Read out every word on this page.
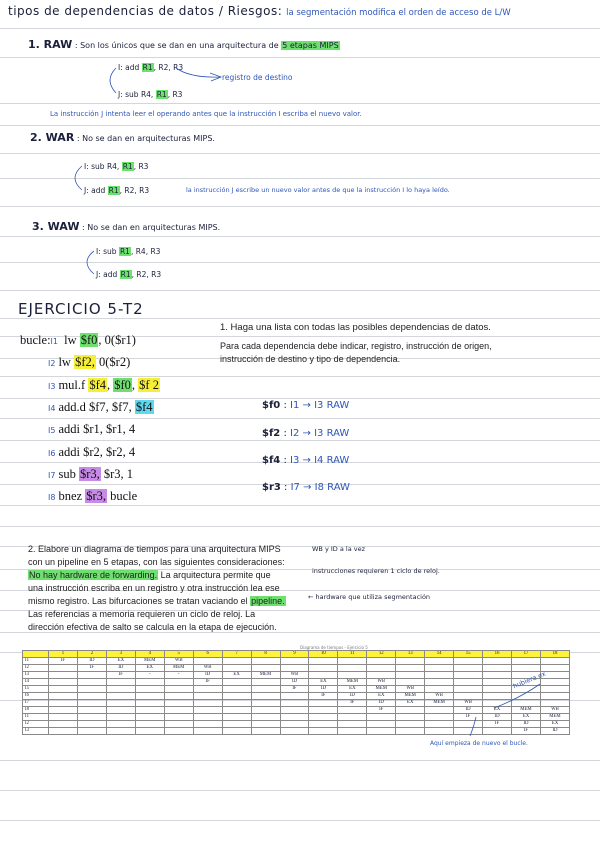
tipos de dependencias de datos / Riesgos: la segmentación modifica el orden de acceso de L/W
1. RAW : Son los únicos que se dan en una arquitectura de 5 etapas MIPS
I: add R1, R2, R3
registro de destino
J: sub R4, R1, R3
La instrucción J intenta leer el operando antes que la instrucción I escriba el nuevo valor.
2. WAR : No se dan en arquitecturas MIPS.
I: sub R4, R1, R3
J: add R1, R2, R3	la instrucción J escribe un nuevo valor antes de que la instrucción I lo haya leído.
3. WAW : No se dan en arquitecturas MIPS.
I: sub R1, R4, R3
J: add R1, R2, R3
EJERCICIO 5-T2
bucle:I1 lw $f0, 0($r1)
I2 lw $f2, 0($r2)
I3 mul.f $f4, $f0, $f 2
I4 add.d $f7, $f7, $f4
I5 addi $r1, $r1, 4
I6 addi $r2, $r2, 4
I7 sub $r3, $r3, 1
I8 bnez $r3, bucle
1. Haga una lista con todas las posibles dependencias de datos.
Para cada dependencia debe indicar, registro, instrucción de origen, instrucción de destino y tipo de dependencia.
$f0 : I1 → I3 RAW
$f2 : I2 → I3 RAW
$f4 : I3 → I4 RAW
$r3 : I7 → I8 RAW
2. Elabore un diagrama de tiempos para una arquitectura MIPS
con un pipeline en 5 etapas, con las siguientes consideraciones:
No hay hardware de forwarding. La arquitectura permite que
una instrucción escriba en un registro y otra instrucción lea ese
mismo registro. Las bifurcaciones se tratan vaciando el pipeline.
Las referencias a memoria requieren un ciclo de reloj. La
dirección efectiva de salto se calcula en la etapa de ejecución.
WB y ID a la vez
instrucciones requieren 1 ciclo de reloj.
← hardware que utiliza segmentación
Diagrama de tiempos - Ejercicio 5
	1	2	3	4	5	6	7	8	9	10	11	12	13	14	15	16	17	18
I1	IF	ID	EX	MEM	WB													
I2		IF	ID	EX	MEM	WB												
I3			IF	-	-	ID	EX	MEM	WB									
I4						IF			ID	EX	MEM	WB						
I5									IF	ID	EX	MEM	WB					
I6										IF	ID	EX	MEM	WB				
I7											IF	ID	EX	MEM	WB			
I8												IF			ID	EX	MEM	WB
I1															IF	ID	EX	MEM
I2																IF	ID	EX
I3																	IF	ID
hubiera ex
Aquí empieza de nuevo el bucle.
